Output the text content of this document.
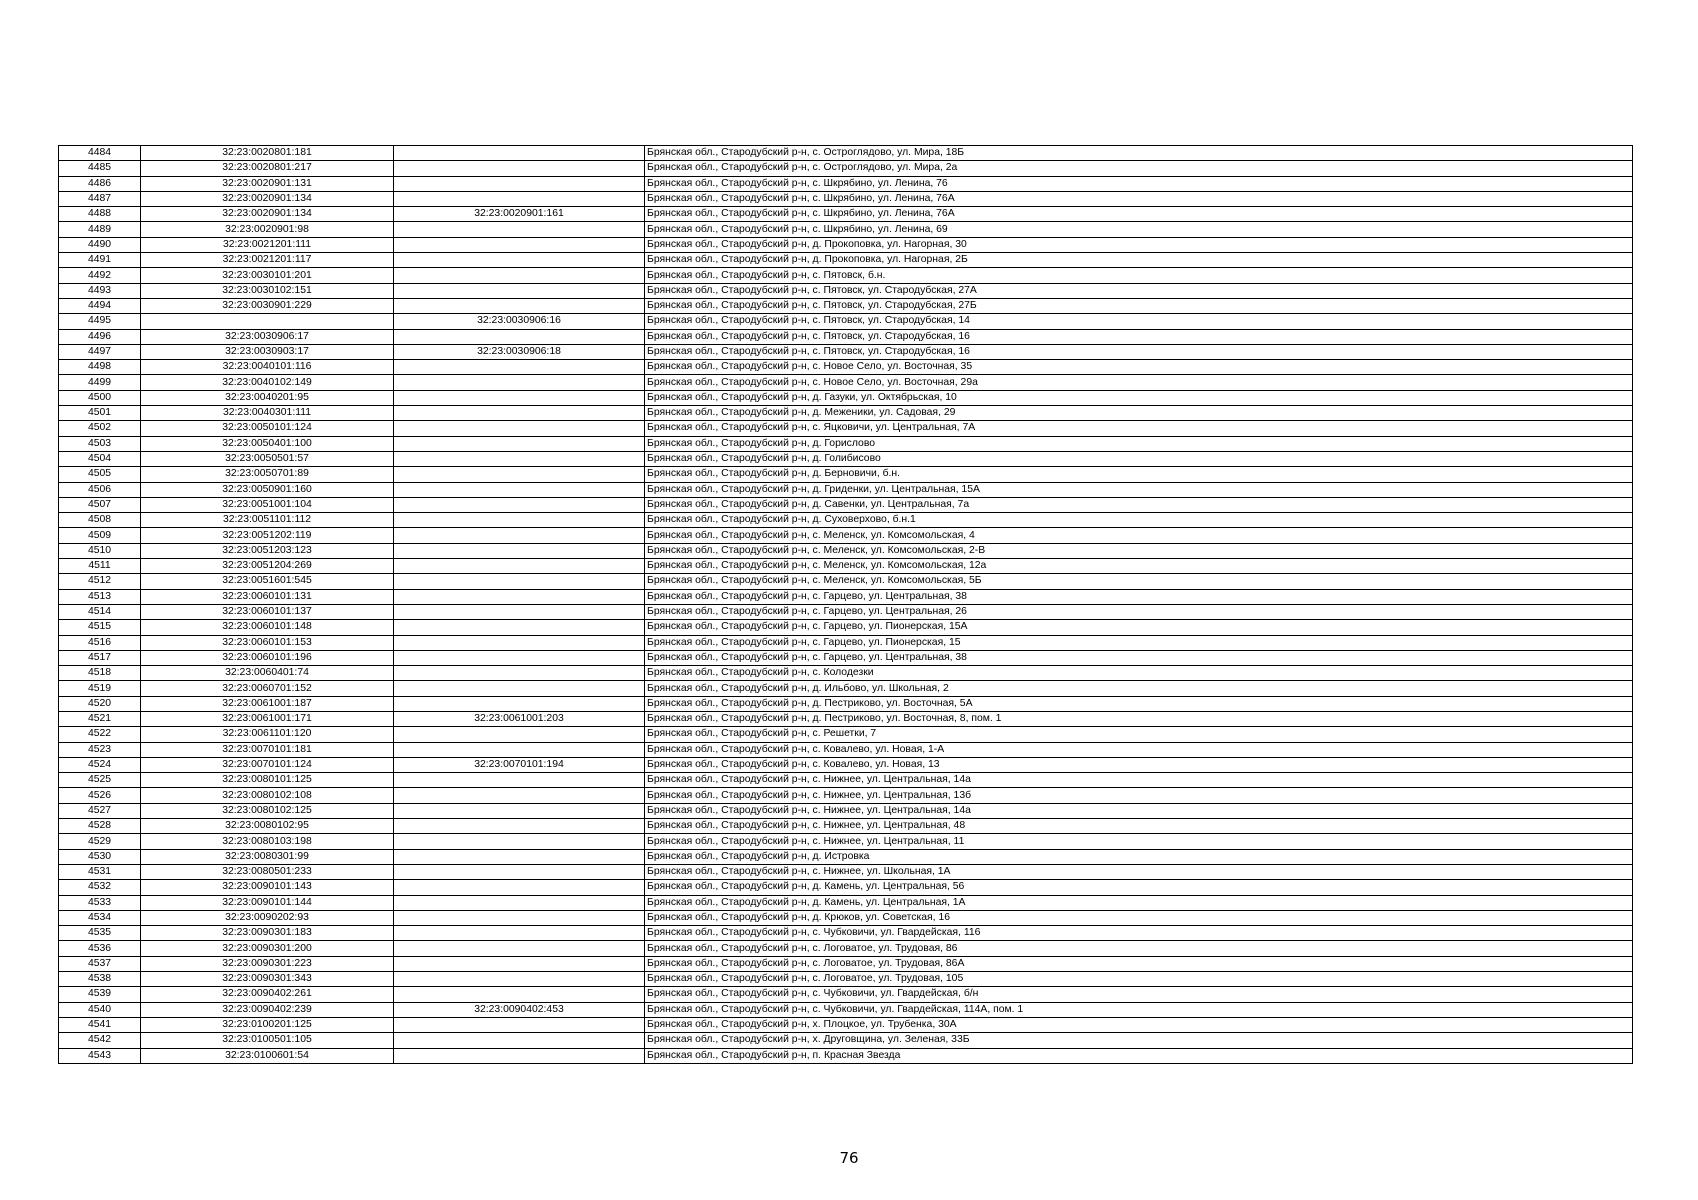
4484	32:23:0020801:181		Брянская обл., Стародубский р-н, с. Остроглядово, ул. Мира, 18Б
4485	32:23:0020801:217		Брянская обл., Стародубский р-н, с. Остроглядово, ул. Мира, 2а
4486	32:23:0020901:131		Брянская обл., Стародубский р-н, с. Шкрябино, ул. Ленина, 76
4487	32:23:0020901:134		Брянская обл., Стародубский р-н, с. Шкрябино, ул. Ленина, 76А
4488	32:23:0020901:134	32:23:0020901:161	Брянская обл., Стародубский р-н, с. Шкрябино, ул. Ленина, 76А
4489	32:23:0020901:98		Брянская обл., Стародубский р-н, с. Шкрябино, ул. Ленина, 69
4490	32:23:0021201:111		Брянская обл., Стародубский р-н, д. Прокоповка, ул. Нагорная, 30
4491	32:23:0021201:117		Брянская обл., Стародубский р-н, д. Прокоповка, ул. Нагорная, 2Б
4492	32:23:0030101:201		Брянская обл., Стародубский р-н, с. Пятовск, б.н.
4493	32:23:0030102:151		Брянская обл., Стародубский р-н, с. Пятовск, ул. Стародубская, 27А
4494	32:23:0030901:229		Брянская обл., Стародубский р-н, с. Пятовск, ул. Стародубская, 27Б
4495		32:23:0030906:16	Брянская обл., Стародубский р-н, с. Пятовск, ул. Стародубская, 14
4496	32:23:0030906:17		Брянская обл., Стародубский р-н, с. Пятовск, ул. Стародубская, 16
4497	32:23:0030903:17	32:23:0030906:18	Брянская обл., Стародубский р-н, с. Пятовск, ул. Стародубская, 16
4498	32:23:0040101:116		Брянская обл., Стародубский р-н, с. Новое Село, ул. Восточная, 35
4499	32:23:0040102:149		Брянская обл., Стародубский р-н, с. Новое Село, ул. Восточная, 29а
4500	32:23:0040201:95		Брянская обл., Стародубский р-н, д. Газуки, ул. Октябрьская, 10
4501	32:23:0040301:111		Брянская обл., Стародубский р-н, д. Меженики, ул. Садовая, 29
4502	32:23:0050101:124		Брянская обл., Стародубский р-н, с. Яцковичи, ул. Центральная, 7А
4503	32:23:0050401:100		Брянская обл., Стародубский р-н, д. Горислово
4504	32:23:0050501:57		Брянская обл., Стародубский р-н, д. Голибисово
4505	32:23:0050701:89		Брянская обл., Стародубский р-н, д. Берновичи, б.н.
4506	32:23:0050901:160		Брянская обл., Стародубский р-н, д. Гриденки, ул. Центральная, 15А
4507	32:23:0051001:104		Брянская обл., Стародубский р-н, д. Савенки, ул. Центральная, 7а
4508	32:23:0051101:112		Брянская обл., Стародубский р-н, д. Суховерхово, б.н.1
4509	32:23:0051202:119		Брянская обл., Стародубский р-н, с. Меленск, ул. Комсомольская, 4
4510	32:23:0051203:123		Брянская обл., Стародубский р-н, с. Меленск, ул. Комсомольская, 2-В
4511	32:23:0051204:269		Брянская обл., Стародубский р-н, с. Меленск, ул. Комсомольская, 12а
4512	32:23:0051601:545		Брянская обл., Стародубский р-н, с. Меленск, ул. Комсомольская, 5Б
4513	32:23:0060101:131		Брянская обл., Стародубский р-н, с. Гарцево, ул. Центральная, 38
4514	32:23:0060101:137		Брянская обл., Стародубский р-н, с. Гарцево, ул. Центральная, 26
4515	32:23:0060101:148		Брянская обл., Стародубский р-н, с. Гарцево, ул. Пионерская, 15А
4516	32:23:0060101:153		Брянская обл., Стародубский р-н, с. Гарцево, ул. Пионерская, 15
4517	32:23:0060101:196		Брянская обл., Стародубский р-н, с. Гарцево, ул. Центральная, 38
4518	32:23:0060401:74		Брянская обл., Стародубский р-н, с. Колодезки
4519	32:23:0060701:152		Брянская обл., Стародубский р-н, д. Ильбово, ул. Школьная, 2
4520	32:23:0061001:187		Брянская обл., Стародубский р-н, д. Пестриково, ул. Восточная, 5А
4521	32:23:0061001:171	32:23:0061001:203	Брянская обл., Стародубский р-н, д. Пестриково, ул. Восточная, 8, пом. 1
4522	32:23:0061101:120		Брянская обл., Стародубский р-н, с. Решетки, 7
4523	32:23:0070101:181		Брянская обл., Стародубский р-н, с. Ковалево, ул. Новая, 1-А
4524	32:23:0070101:124	32:23:0070101:194	Брянская обл., Стародубский р-н, с. Ковалево, ул. Новая, 13
4525	32:23:0080101:125		Брянская обл., Стародубский р-н, с. Нижнее, ул. Центральная, 14а
4526	32:23:0080102:108		Брянская обл., Стародубский р-н, с. Нижнее, ул. Центральная, 13б
4527	32:23:0080102:125		Брянская обл., Стародубский р-н, с. Нижнее, ул. Центральная, 14а
4528	32:23:0080102:95		Брянская обл., Стародубский р-н, с. Нижнее, ул. Центральная, 48
4529	32:23:0080103:198		Брянская обл., Стародубский р-н, с. Нижнее, ул. Центральная, 11
4530	32:23:0080301:99		Брянская обл., Стародубский р-н, д. Истровка
4531	32:23:0080501:233		Брянская обл., Стародубский р-н, с. Нижнее, ул. Школьная, 1А
4532	32:23:0090101:143		Брянская обл., Стародубский р-н, д. Камень, ул. Центральная, 56
4533	32:23:0090101:144		Брянская обл., Стародубский р-н, д. Камень, ул. Центральная, 1А
4534	32:23:0090202:93		Брянская обл., Стародубский р-н, д. Крюков, ул. Советская, 16
4535	32:23:0090301:183		Брянская обл., Стародубский р-н, с. Чубковичи, ул. Гвардейская, 116
4536	32:23:0090301:200		Брянская обл., Стародубский р-н, с. Логоватое, ул. Трудовая, 86
4537	32:23:0090301:223		Брянская обл., Стародубский р-н, с. Логоватое, ул. Трудовая, 86А
4538	32:23:0090301:343		Брянская обл., Стародубский р-н, с. Логоватое, ул. Трудовая, 105
4539	32:23:0090402:261		Брянская обл., Стародубский р-н, с. Чубковичи, ул. Гвардейская, б/н
4540	32:23:0090402:239	32:23:0090402:453	Брянская обл., Стародубский р-н, с. Чубковичи, ул. Гвардейская, 114А, пом. 1
4541	32:23:0100201:125		Брянская обл., Стародубский р-н, х. Плоцкое, ул. Трубенка, 30А
4542	32:23:0100501:105		Брянская обл., Стародубский р-н, х. Друговщина, ул. Зеленая, 33Б
4543	32:23:0100601:54		Брянская обл., Стародубский р-н, п. Красная Звезда
76
